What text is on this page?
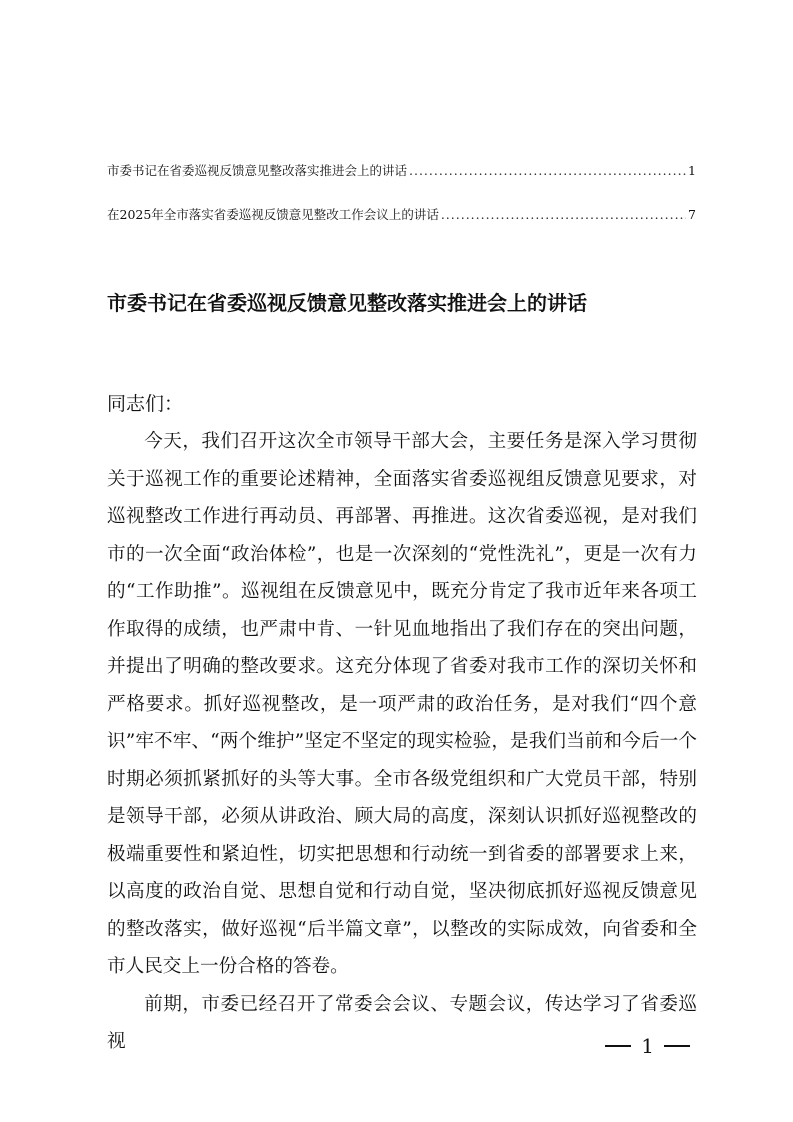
市委书记在省委巡视反馈意见整改落实推进会上的讲话 .....	1
在2025年全市落实省委巡视反馈意见整改工作会议上的讲话 .....	7
市委书记在省委巡视反馈意见整改落实推进会上的讲话

同志们：

今天，我们召开这次全市领导干部大会，主要任务是深入学习贯彻关于巡视工作的重要论述精神，全面落实省委巡视组反馈意见要求，对巡视整改工作进行再动员、再部署、再推进。这次省委巡视，是对我们市的一次全面“政治体检”，也是一次深刻的“党性洗礼”，更是一次有力的“工作助推”。巡视组在反馈意见中，既充分肯定了我市近年来各项工作取得的成绩，也严肃中肯、一针见血地指出了我们存在的突出问题，并提出了明确的整改要求。这充分体现了省委对我市工作的深切关怀和严格要求。抓好巡视整改，是一项严肃的政治任务，是对我们“四个意识”牢不牢、“两个维护”坚定不坚定的现实检验，是我们当前和今后一个时期必须抓紧抓好的头等大事。全市各级党组织和广大党员干部，特别是领导干部，必须从讲政治、顾大局的高度，深刻认识抓好巡视整改的极端重要性和紧迫性，切实把思想和行动统一到省委的部署要求上来，以高度的政治自觉、思想自觉和行动自觉，坚决彻底抓好巡视反馈意见的整改落实，做好巡视“后半篇文章”，以整改的实际成效，向省委和全市人民交上一份合格的答卷。

前期，市委已经召开了常委会会议、专题会议，传达学习了省委巡视	1
